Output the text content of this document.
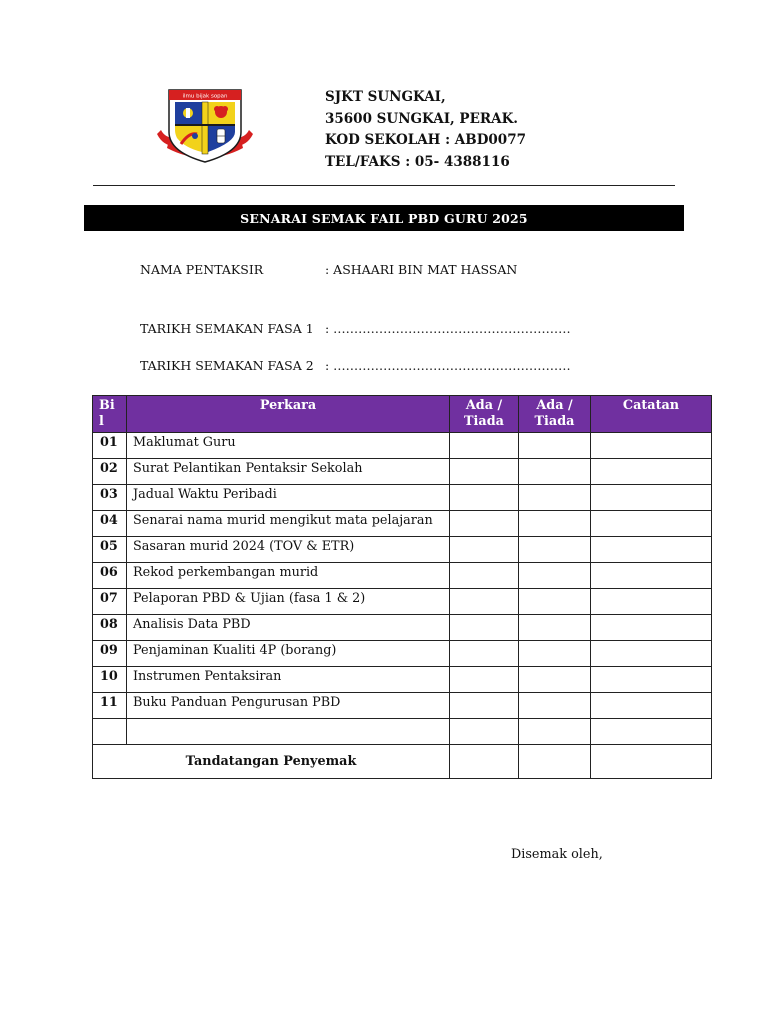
ilmu bijak sopan	SJKT SUNGKAI,
35600 SUNGKAI, PERAK.
KOD SEKOLAH : ABD0077
TEL/FAKS : 05- 4388116
SENARAI SEMAK FAIL PBD GURU 2025
NAMA PENTAKSIR	: ASHAARI BIN MAT HASSAN
TARIKH SEMAKAN FASA 1 : …………………………………………………
TARIKH SEMAKAN FASA 2 : …………………………………………………
Bi l	Perkara	Ada / Tiada	Ada / Tiada	Catatan
01	Maklumat Guru			
02	Surat Pelantikan Pentaksir Sekolah			
03	Jadual Waktu Peribadi			
04	Senarai nama murid mengikut mata pelajaran			
05	Sasaran murid 2024 (TOV & ETR)			
06	Rekod perkembangan murid			
07	Pelaporan PBD & Ujian (fasa 1 & 2)			
08	Analisis Data PBD			
09	Penjaminan Kualiti 4P (borang)			
10	Instrumen Pentaksiran			
11	Buku Panduan Pengurusan PBD			

Tandatangan Penyemak				
Disemak oleh,
